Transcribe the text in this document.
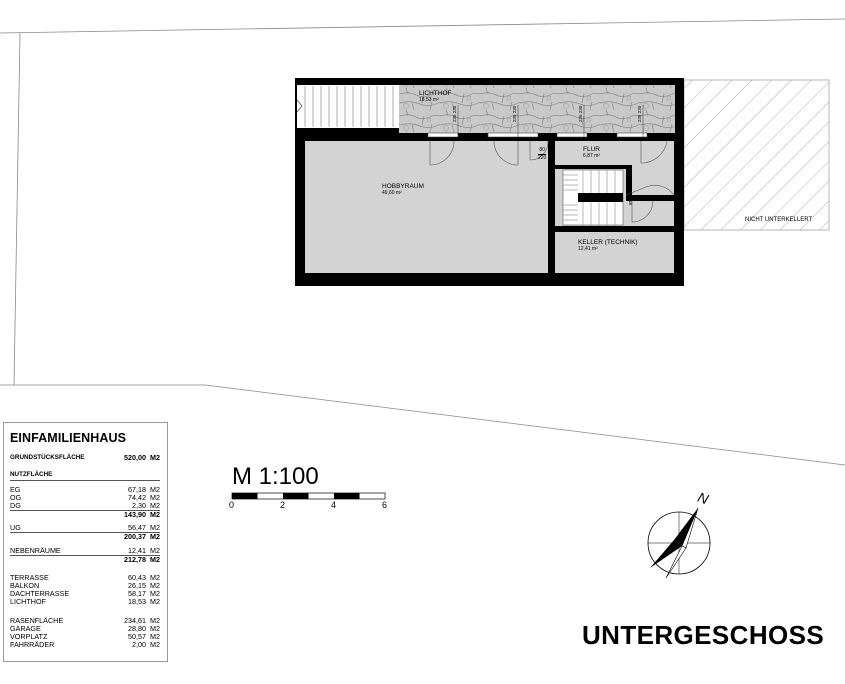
LICHTHOF
18,53 m²
HOBBYRAUM
49,60 m²
FLUR
6,87 m²
KELLER (TECHNIK)
12,41 m²
NICHT UNTERKELLERT
80
220
85 220
235 230
235 230
235 230
235 230
EINFAMILIENHAUS
GRUNDSTÜCKSFLÄCHE	520,00 M2
NUTZFLÄCHE
EG	67,18 M2
OG	74,42 M2
DG	2,30 M2
143,90 M2
UG	56,47 M2
200,37 M2
NEBENRÄUME	12,41 M2
212,78 M2
TERRASSE	60,43 M2
BALKON	26,15 M2
DACHTERRASSE	58,17 M2
LICHTHOF	18,53 M2
RASENFLÄCHE	234,61 M2
GARAGE	28,80 M2
VORPLATZ	50,57 M2
FAHRRÄDER	2,00 M2
M 1:100
0	2	4	6	N
UNTERGESCHOSS
